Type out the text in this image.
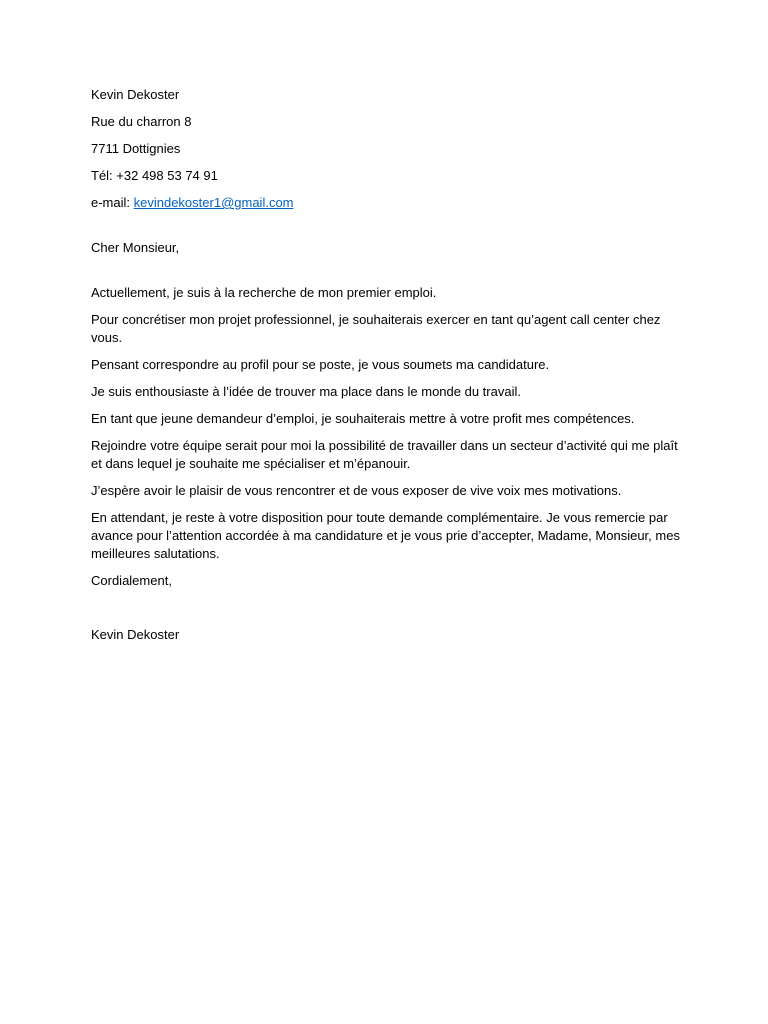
Kevin Dekoster
Rue du charron 8
7711 Dottignies
Tél: +32 498 53 74 91
e-mail: kevindekoster1@gmail.com
Cher Monsieur,

Actuellement, je suis à la recherche de mon premier emploi.

Pour concrétiser mon projet professionnel, je souhaiterais exercer en tant qu’agent call center chez vous.

Pensant correspondre au profil pour se poste, je vous soumets ma candidature.

Je suis enthousiaste à l’idée de trouver ma place dans le monde du travail.

En tant que jeune demandeur d’emploi, je souhaiterais mettre à votre profit mes compétences.

Rejoindre votre équipe serait pour moi la possibilité de travailler dans un secteur d’activité qui me plaît et dans lequel je souhaite me spécialiser et m’épanouir.

J’espère avoir le plaisir de vous rencontrer et de vous exposer de vive voix mes motivations.

En attendant, je reste à votre disposition pour toute demande complémentaire. Je vous remercie par avance pour l’attention accordée à ma candidature et je vous prie d’accepter, Madame, Monsieur, mes meilleures salutations.

Cordialement,
Kevin Dekoster
